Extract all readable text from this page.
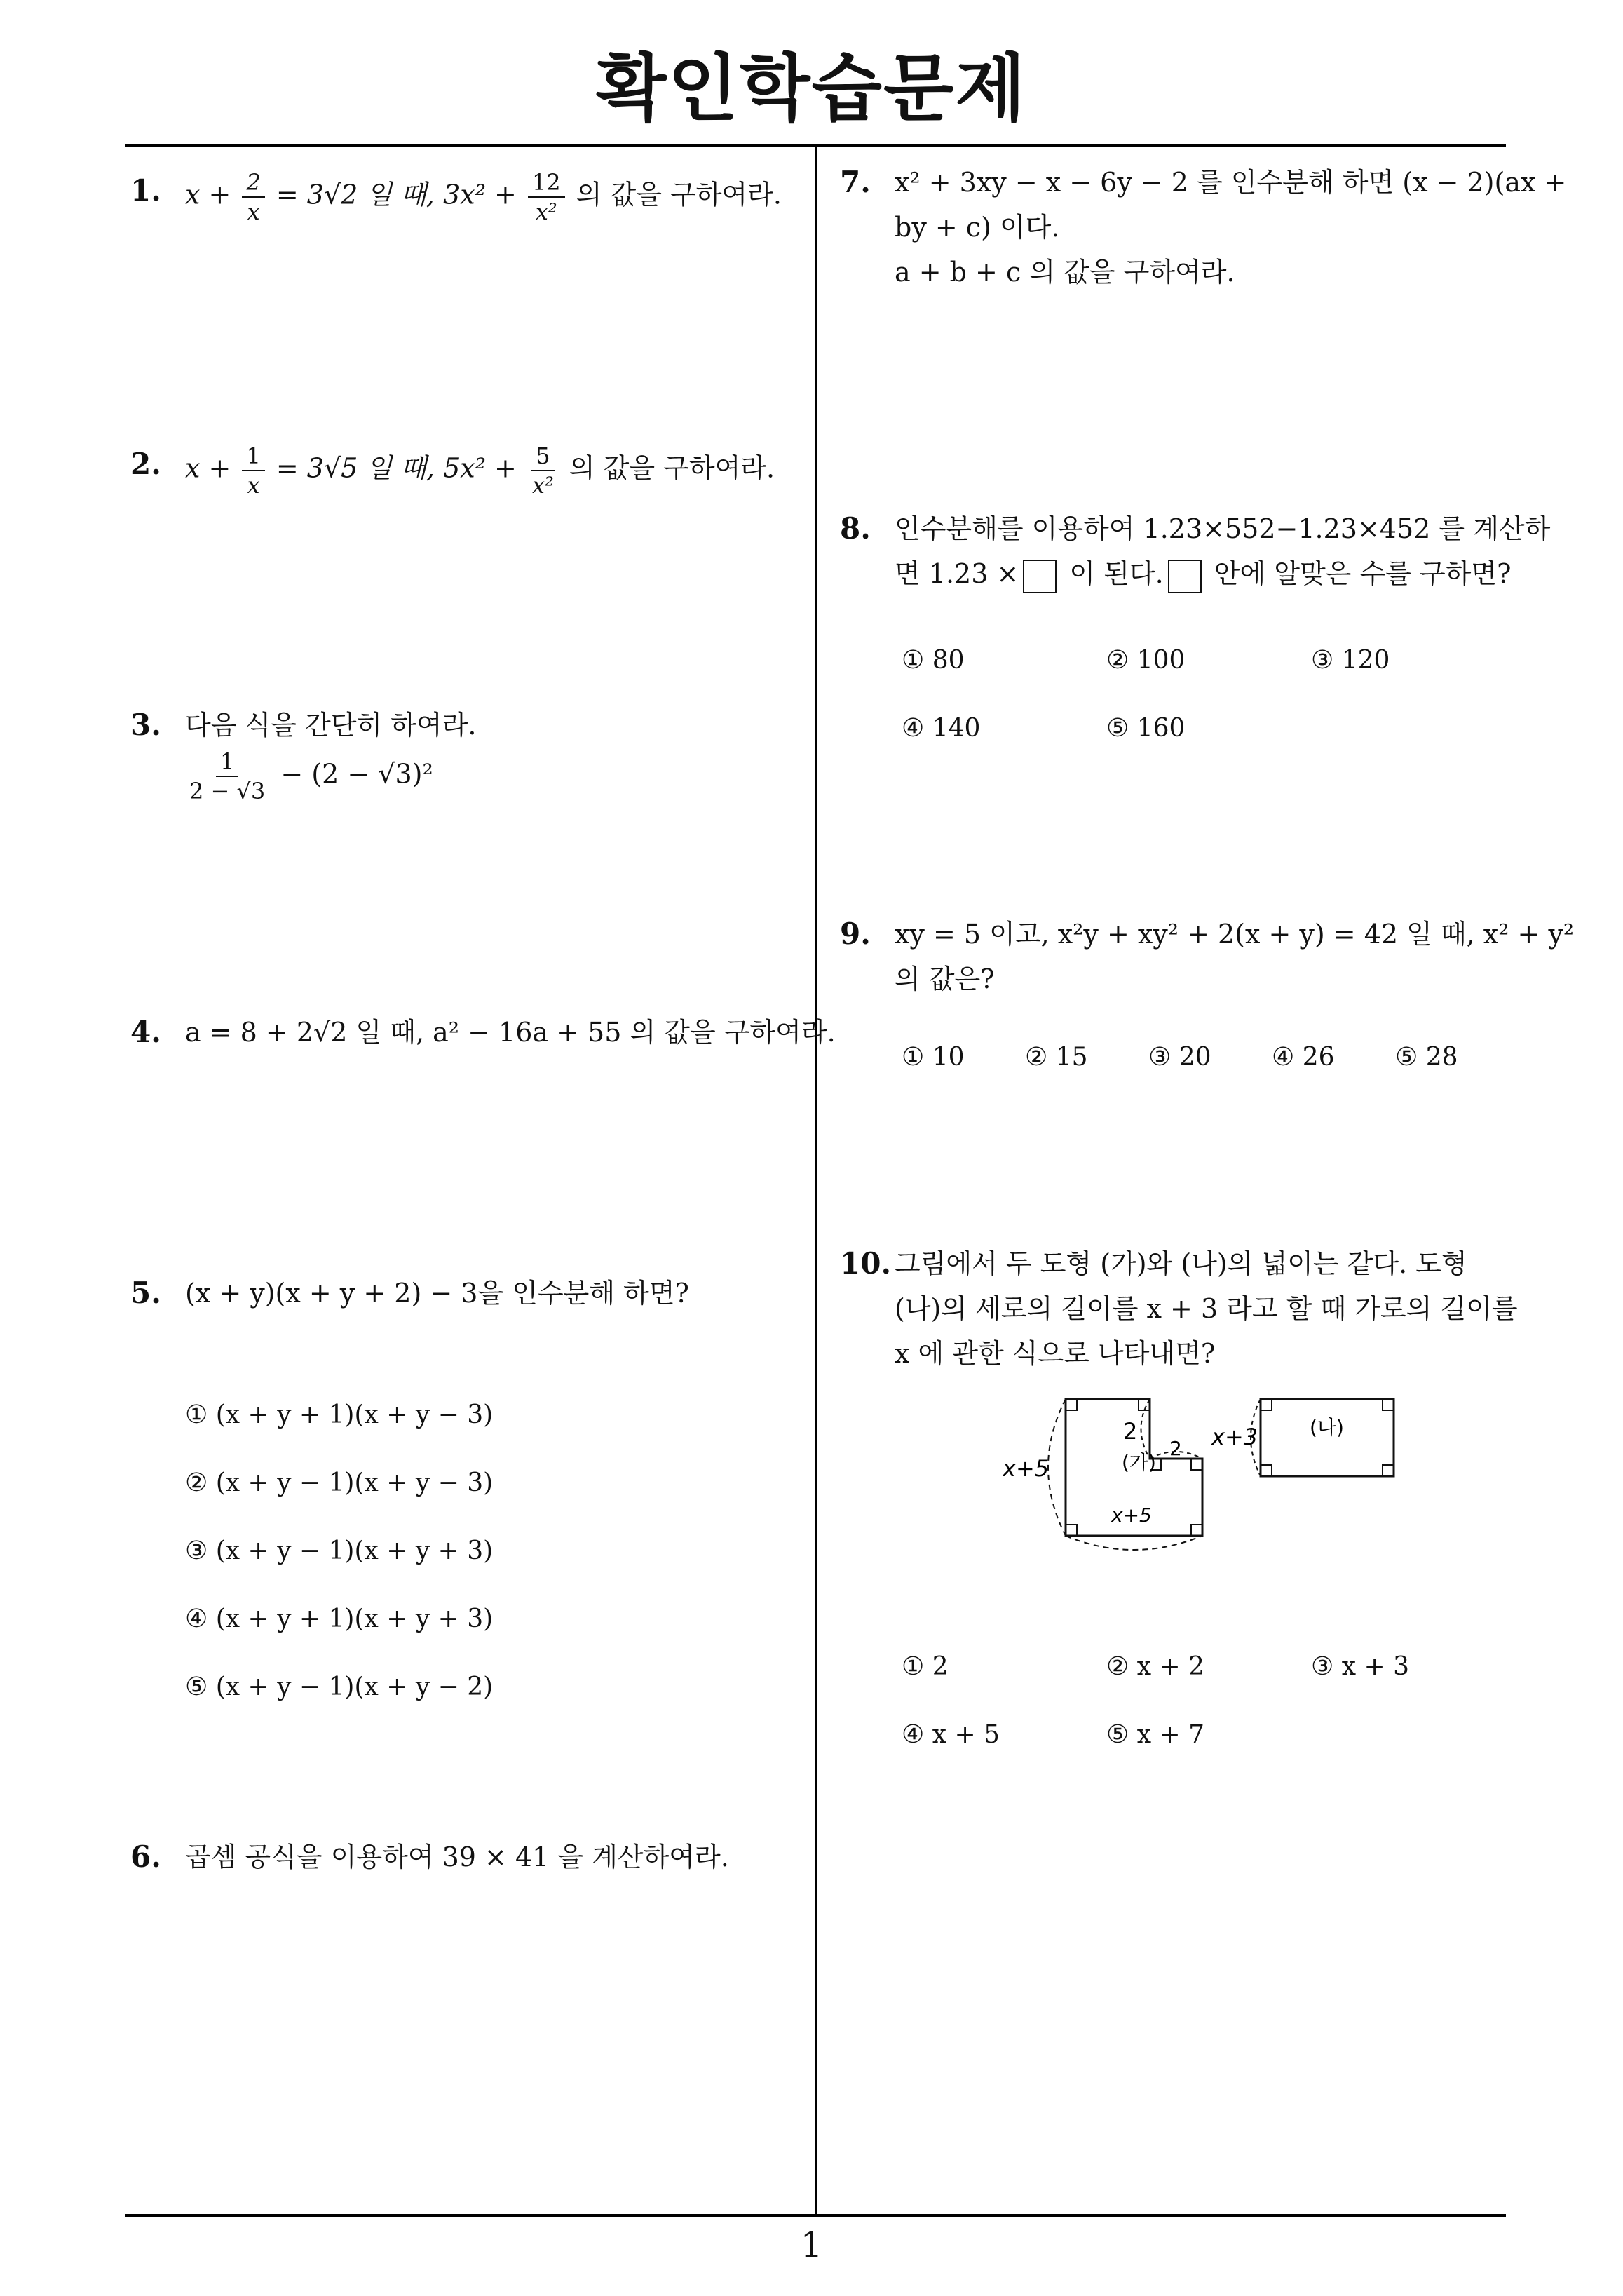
확인학습문제
1. $x + \frac{2}{x} = 3√2$ 일 때, $3x^2 + \frac{12}{\text{x²}}$ 의 값을 구하여라.
2. $x + \frac{1}{x} = 3√5$ 일 때, $5x^2 + \frac{5}{\text{x²}}$ 의 값을 구하여라.
3. 다음 식을 간단히 하여라.
$\frac{1}{2 - √3} - (2 - √3)^2$
4. a = 8 + 2√2 일 때, a² − 16a + 55 의 값을 구하여라.
5. (x + y)(x + y + 2) − 3을 인수분해 하면?
① (x + y + 1)(x + y − 3)
② (x + y − 1)(x + y − 3)
③ (x + y − 1)(x + y + 3)
④ (x + y + 1)(x + y + 3)
⑤ (x + y − 1)(x + y − 2)
6. 곱셈 공식을 이용하여 39 × 41 을 계산하여라.
7. x² + 3xy − x − 6y − 2 를 인수분해 하면 (x − 2)(ax +
by + c) 이다.
a + b + c 의 값을 구하여라.
8. 인수분해를 이용하여 1.23×552−1.23×452 를 계산하
면 1.23 × 이 된다. 안에 알맞은 수를 구하면?
① 80	② 100	③ 120
④ 140	⑤ 160
9. xy = 5 이고, x²y + xy² + 2(x + y) = 42 일 때, x² + y²
의 값은?
① 10 ② 15 ③ 20 ④ 26 ⑤ 28
10. 그림에서 두 도형 (가)와 (나)의 넓이는 같다. 도형
(나)의 세로의 길이를 x + 3 라고 할 때 가로의 길이를
x 에 관한 식으로 나타내면?
x+5
x+5
2
2
(가)
x+3	(나)
① 2	② x + 2	③ x + 3
④ x + 5	⑤ x + 7
1
